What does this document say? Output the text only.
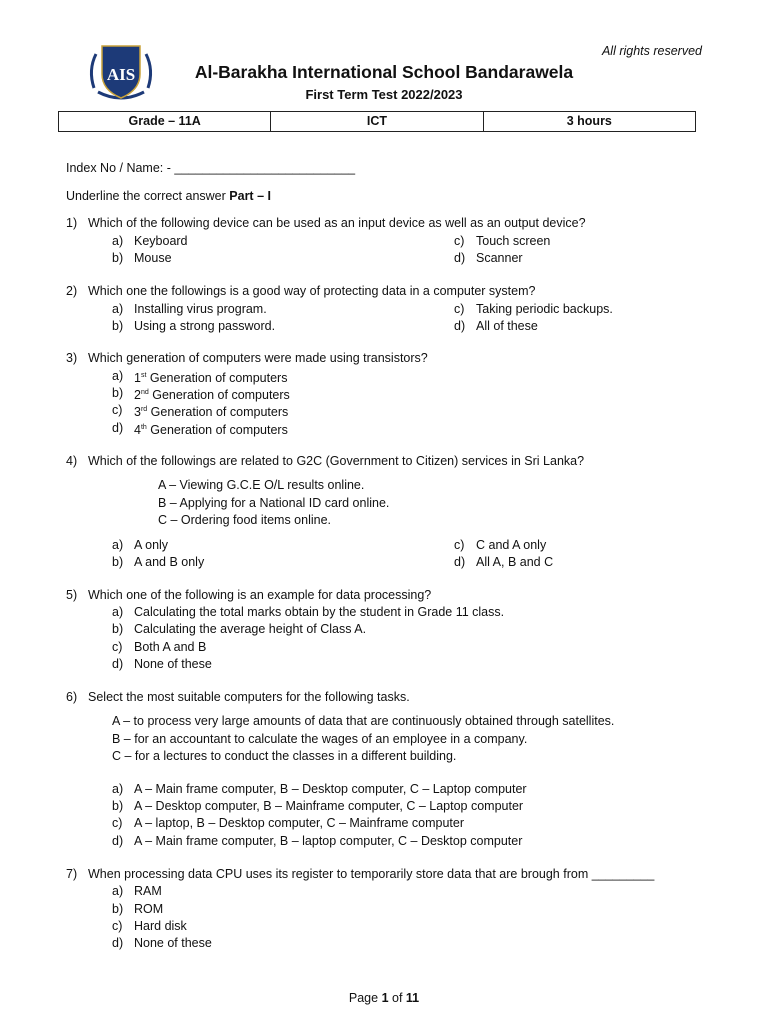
All rights reserved
AIS	Al-Barakha International School Bandarawela
First Term Test 2022/2023
Grade – 11A	ICT	3 hours
Index No / Name: - __________________________
Underline the correct answer Part – I
1) Which of the following device can be used as an input device as well as an output device?
a) Keyboard
b) Mouse
c) Touch screen
d) Scanner
2) Which one the followings is a good way of protecting data in a computer system?
a) Installing virus program.
b) Using a strong password.
c) Taking periodic backups.
d) All of these
3) Which generation of computers were made using transistors?
a) 1st Generation of computers
b) 2nd Generation of computers
c) 3rd Generation of computers
d) 4th Generation of computers
4) Which of the followings are related to G2C (Government to Citizen) services in Sri Lanka?
A – Viewing G.C.E O/L results online.
B – Applying for a National ID card online.
C – Ordering food items online.
a) A only
b) A and B only
c) C and A only
d) All A, B and C
5) Which one of the following is an example for data processing?
a) Calculating the total marks obtain by the student in Grade 11 class.
b) Calculating the average height of Class A.
c) Both A and B
d) None of these
6) Select the most suitable computers for the following tasks.
A – to process very large amounts of data that are continuously obtained through satellites.
B – for an accountant to calculate the wages of an employee in a company.
C – for a lectures to conduct the classes in a different building.
a) A – Main frame computer, B – Desktop computer, C – Laptop computer
b) A – Desktop computer, B – Mainframe computer, C – Laptop computer
c) A – laptop, B – Desktop computer, C – Mainframe computer
d) A – Main frame computer, B – laptop computer, C – Desktop computer
7) When processing data CPU uses its register to temporarily store data that are brough from _________
a) RAM
b) ROM
c) Hard disk
d) None of these
Page 1 of 11
